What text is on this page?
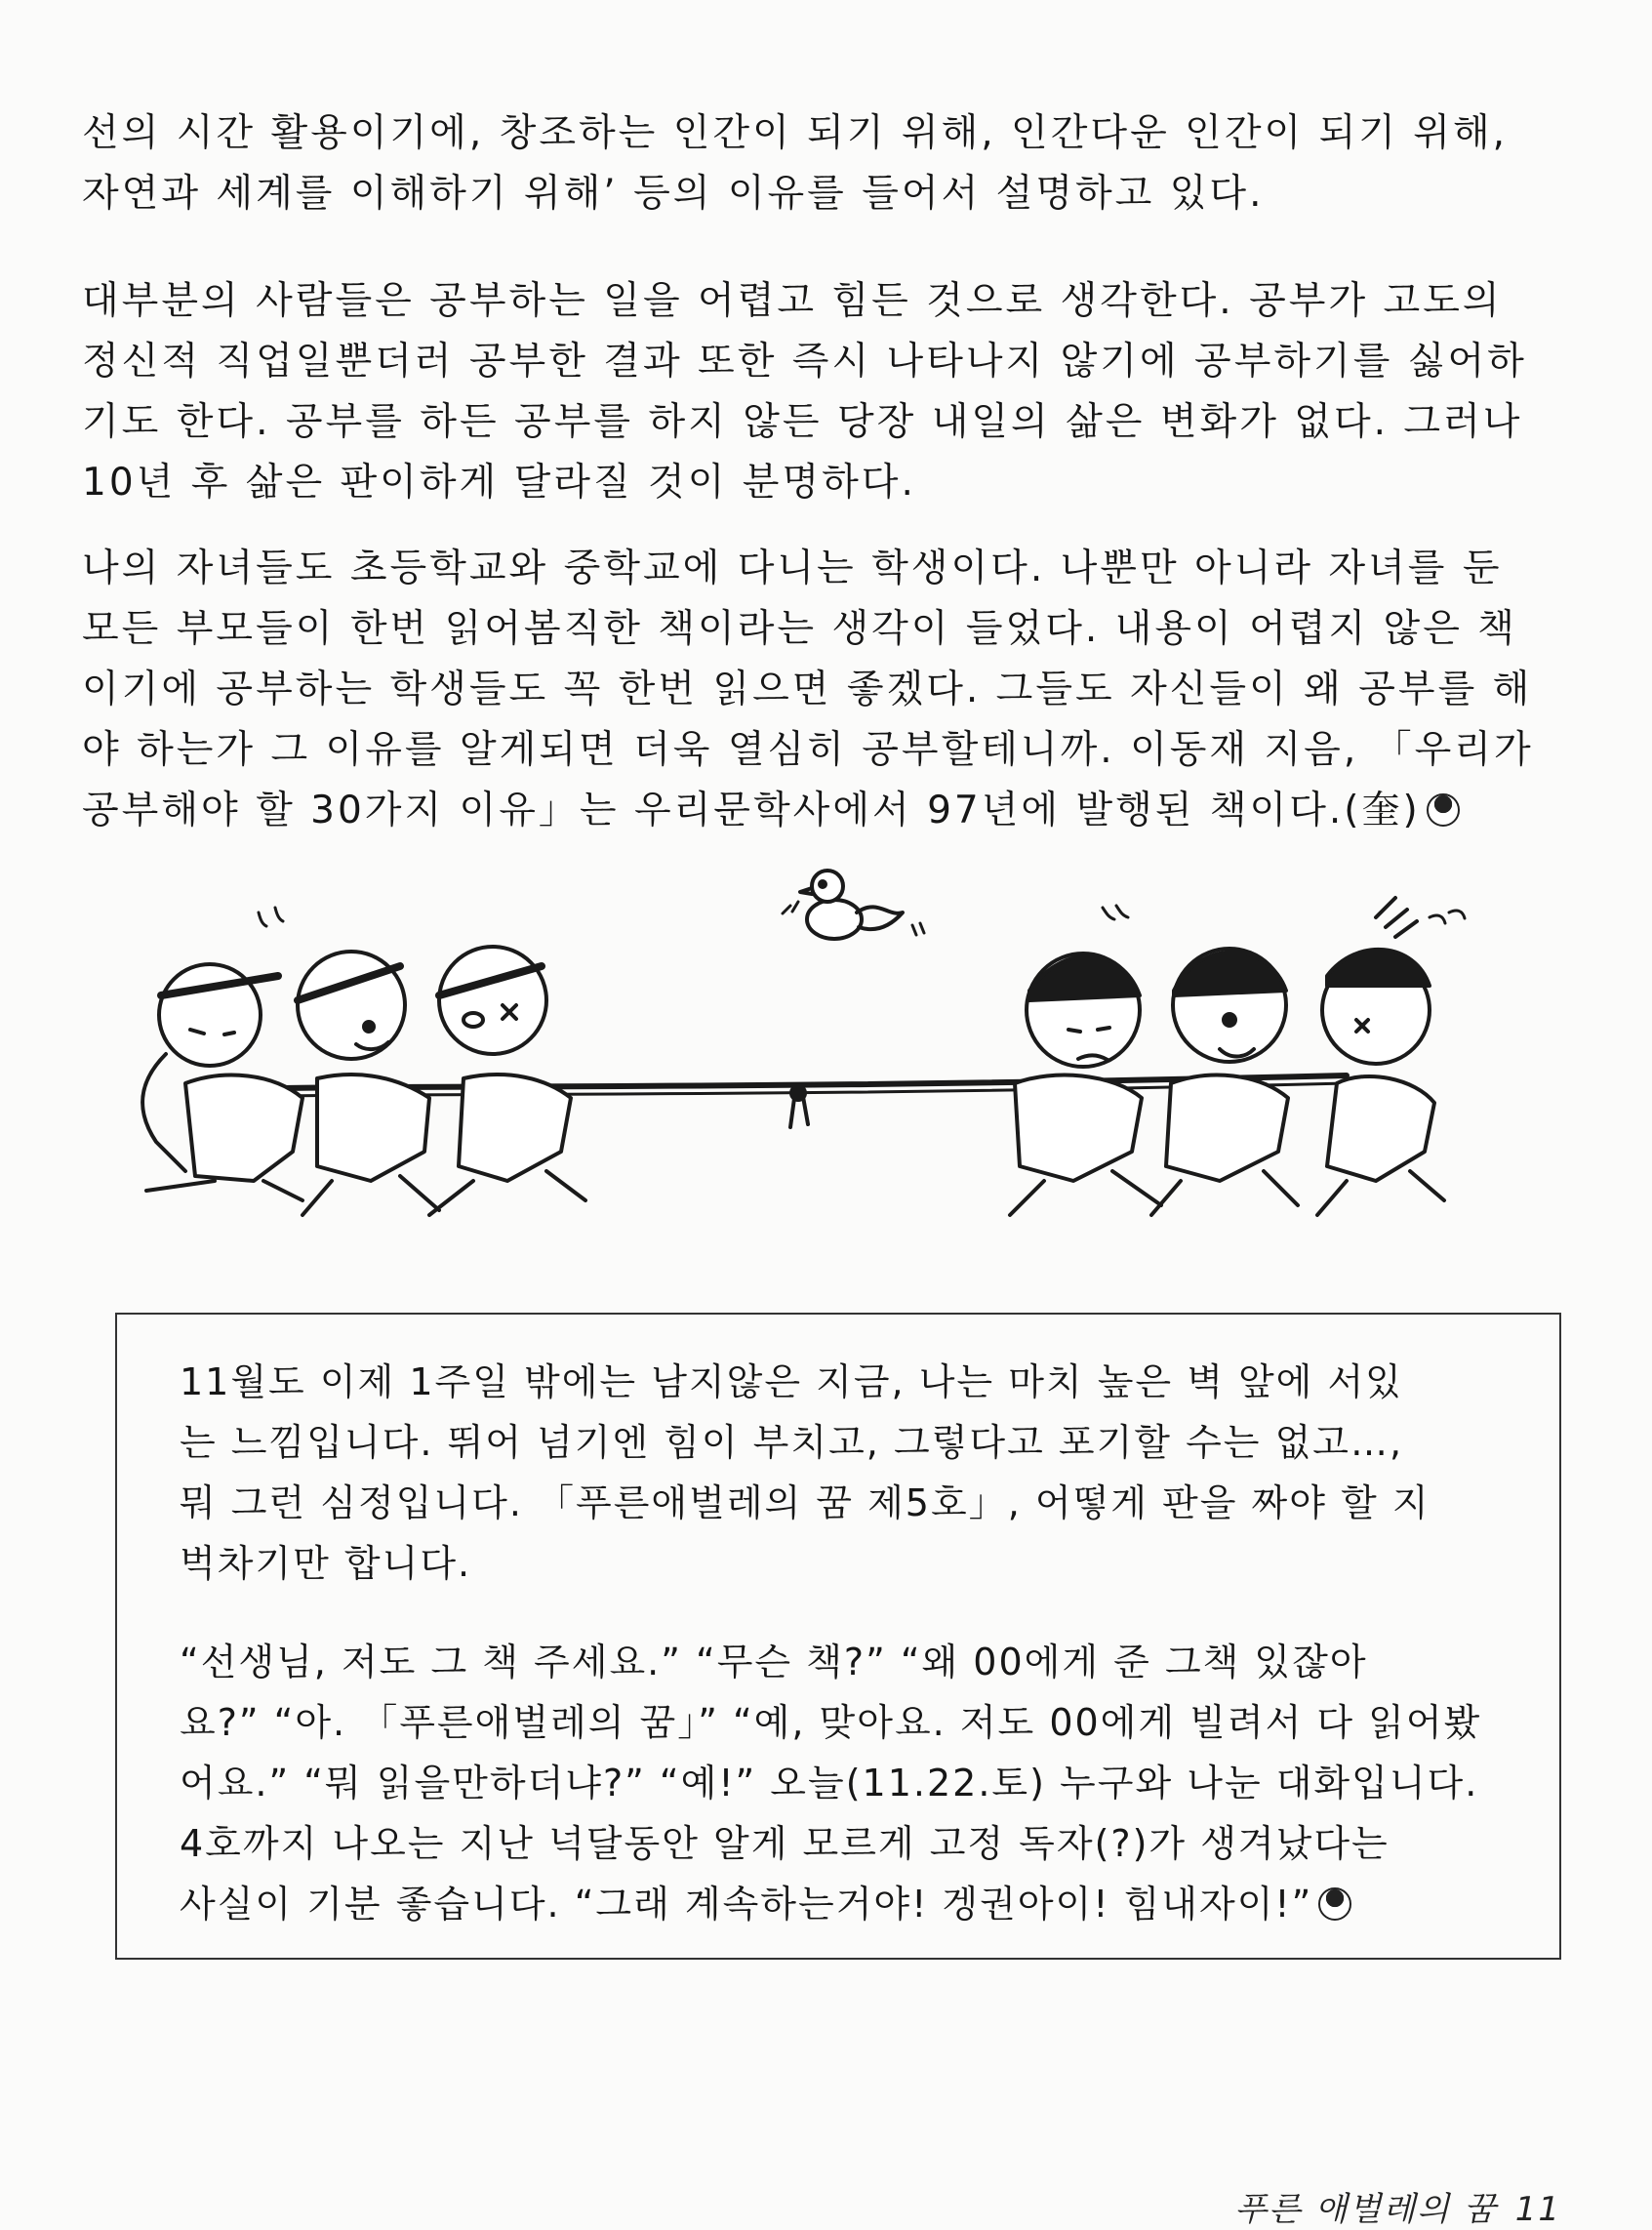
선의 시간 활용이기에, 창조하는 인간이 되기 위해, 인간다운 인간이 되기 위해,
자연과 세계를 이해하기 위해’ 등의 이유를 들어서 설명하고 있다.
대부분의 사람들은 공부하는 일을 어렵고 힘든 것으로 생각한다. 공부가 고도의
정신적 직업일뿐더러 공부한 결과 또한 즉시 나타나지 않기에 공부하기를 싫어하
기도 한다. 공부를 하든 공부를 하지 않든 당장 내일의 삶은 변화가 없다. 그러나
10년 후 삶은 판이하게 달라질 것이 분명하다.
나의 자녀들도 초등학교와 중학교에 다니는 학생이다. 나뿐만 아니라 자녀를 둔
모든 부모들이 한번 읽어봄직한 책이라는 생각이 들었다. 내용이 어렵지 않은 책
이기에 공부하는 학생들도 꼭 한번 읽으면 좋겠다. 그들도 자신들이 왜 공부를 해
야 하는가 그 이유를 알게되면 더욱 열심히 공부할테니까. 이동재 지음, 「우리가
공부해야 할 30가지 이유」는 우리문학사에서 97년에 발행된 책이다.(奎)
11월도 이제 1주일 밖에는 남지않은 지금, 나는 마치 높은 벽 앞에 서있
는 느낌입니다. 뛰어 넘기엔 힘이 부치고, 그렇다고 포기할 수는 없고…,
뭐 그런 심정입니다. 「푸른애벌레의 꿈 제5호」, 어떻게 판을 짜야 할 지
벅차기만 합니다.
“선생님, 저도 그 책 주세요.” “무슨 책?” “왜 00에게 준 그책 있잖아
요?” “아. 「푸른애벌레의 꿈」” “예, 맞아요. 저도 00에게 빌려서 다 읽어봤
어요.” “뭐 읽을만하더냐?” “예!” 오늘(11.22.토) 누구와 나눈 대화입니다.
4호까지 나오는 지난 넉달동안 알게 모르게 고정 독자(?)가 생겨났다는
사실이 기분 좋습니다. “그래 계속하는거야! 겡권아이! 힘내자이!”
푸른 애벌레의 꿈 11
